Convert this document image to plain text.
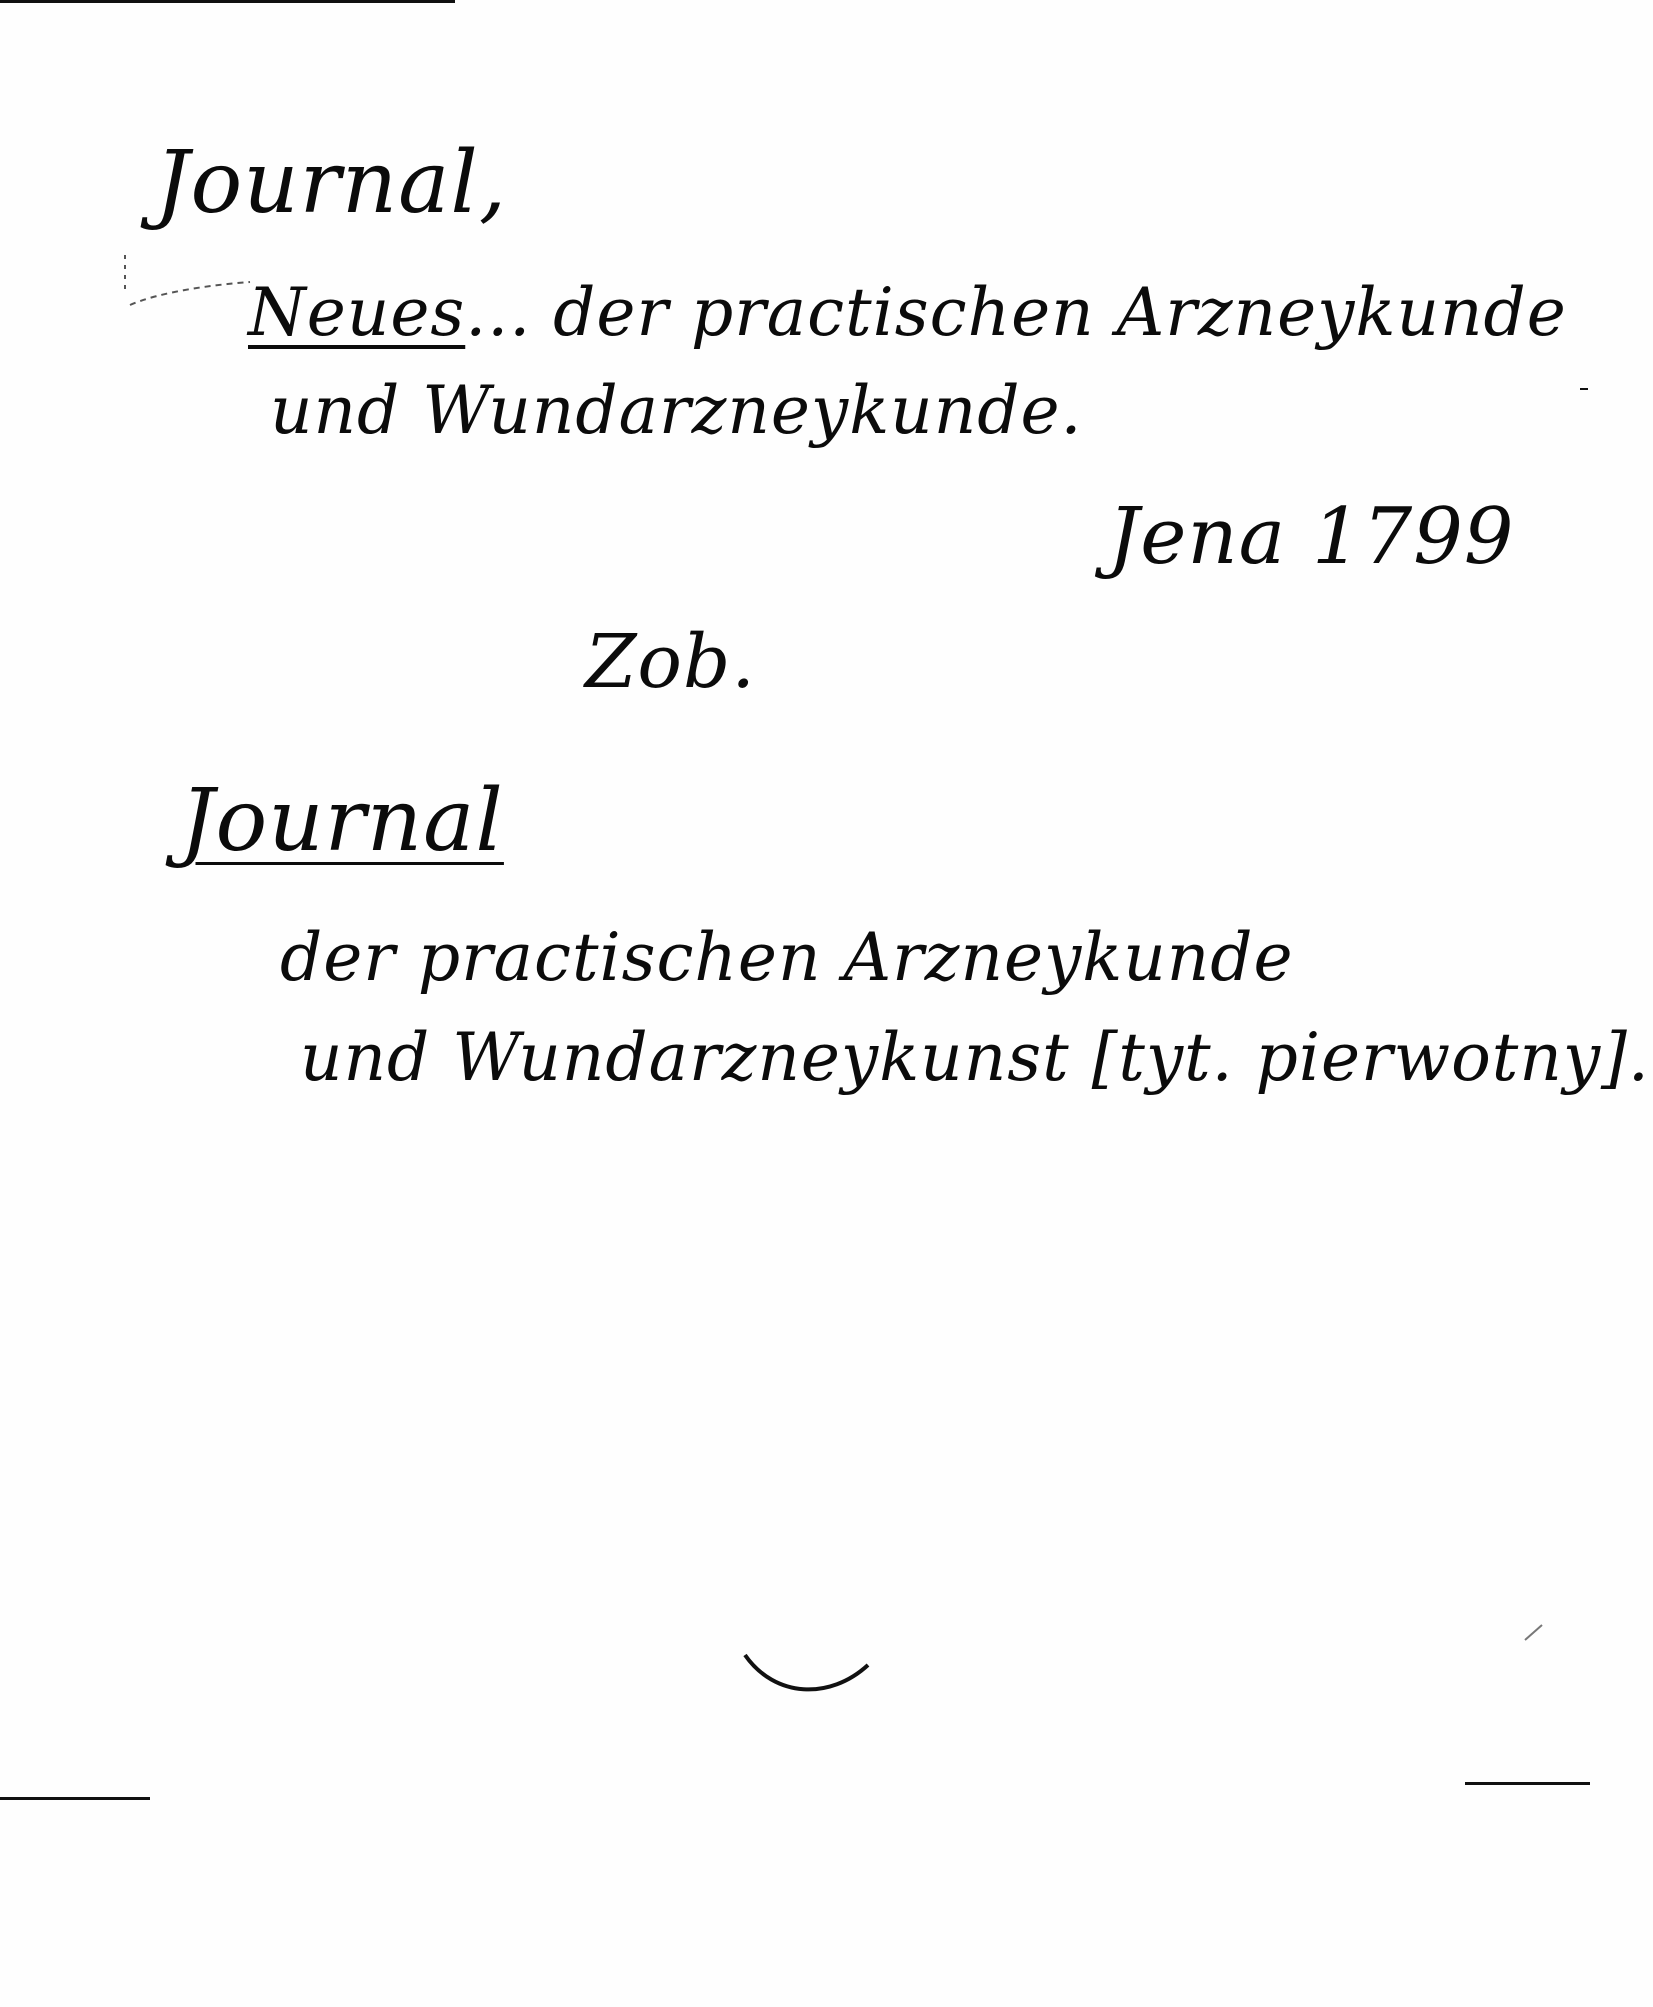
Journal,
Neues... der practischen Arzneykunde
und Wundarzneykunde.
Jena 1799
Zob.
Journal
der practischen Arzneykunde
und Wundarzneykunst [tyt. pierwotny].
